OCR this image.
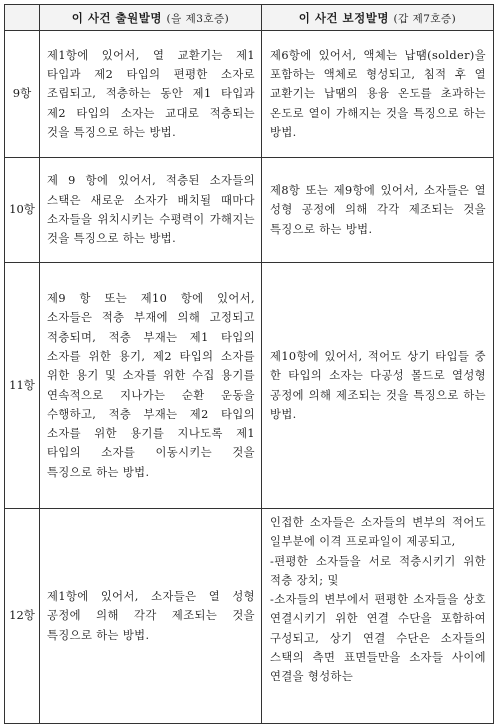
	이 사건 출원발명 (을 제3호증)	이 사건 보정발명 (갑 제7호증)
9항	제1항에 있어서, 열 교환기는 제1 타입과 제2 타입의 편평한 소자로 조립되고, 적층하는 동안 제1 타입과 제2 타입의 소자는 교대로 적층되는 것을 특징으로 하는 방법.	제6항에 있어서, 액체는 납땜(solder)을 포함하는 액체로 형성되고, 침적 후 열 교환기는 납땜의 용융 온도를 초과하는 온도로 열이 가해지는 것을 특징으로 하는 방법.

10항	제 9 항에 있어서, 적층된 소자들의 스택은 새로운 소자가 배치될 때마다 소자들을 위치시키는 수평력이 가해지는 것을 특징으로 하는 방법.	제8항 또는 제9항에 있어서, 소자들은 열 성형 공정에 의해 각각 제조되는 것을 특징으로 하는 방법.

11항	제9 항 또는 제10 항에 있어서, 소자들은 적층 부재에 의해 고정되고 적층되며, 적층 부재는 제1 타입의 소자를 위한 용기, 제2 타입의 소자를 위한 용기 및 소자를 위한 수집 용기를 연속적으로 지나가는 순환 운동을 수행하고, 적층 부재는 제2 타입의 소자를 위한 용기를 지나도록 제1 타입의 소자를 이동시키는 것을 특징으로 하는 방법.	제10항에 있어서, 적어도 상기 타입들 중 한 타입의 소자는 다공성 몰드로 열성형 공정에 의해 제조되는 것을 특징으로 하는 방법.

12항	제1항에 있어서, 소자들은 열 성형 공정에 의해 각각 제조되는 것을 특징으로 하는 방법.	인접한 소자들은 소자들의 변부의 적어도 일부분에 이격 프로파일이 제공되고,
-편평한 소자들을 서로 적층시키기 위한 적층 장치; 및
-소자들의 변부에서 편평한 소자들을 상호 연결시키기 위한 연결 수단을 포함하여 구성되고, 상기 연결 수단은 소자들의 스택의 측면 표면들만을 소자들 사이에 연결을 형성하는
